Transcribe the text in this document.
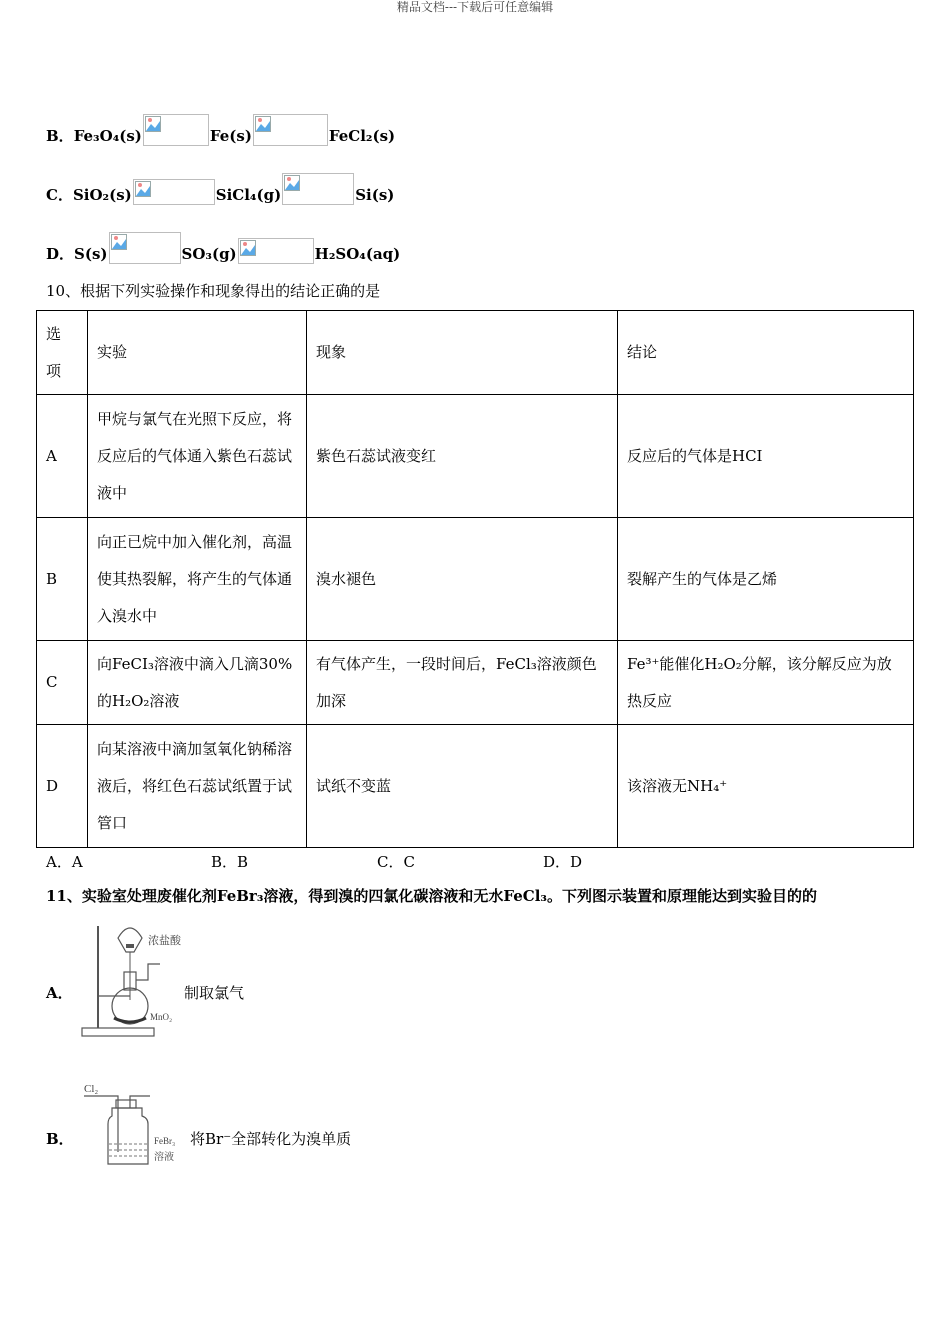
精品文档---下载后可任意编辑
B．Fe₃O₄(s)	Fe(s)	FeCl₂(s)
C．SiO₂(s)	SiCl₄(g)	Si(s)
D．S(s)	SO₃(g)	H₂SO₄(aq)
10、根据下列实验操作和现象得出的结论正确的是
选
项	实验	现象	结论
A	甲烷与氯气在光照下反应，将反应后的气体通入紫色石蕊试液中	紫色石蕊试液变红	反应后的气体是HCI
B	向正已烷中加入催化剂，高温使其热裂解，将产生的气体通入溴水中	溴水褪色	裂解产生的气体是乙烯
C	向FeCI₃溶液中滴入几滴30%的H₂O₂溶液	有气体产生，一段时间后，FeCl₃溶液颜色加深	Fe³⁺能催化H₂O₂分解，该分解反应为放热反应
D	向某溶液中滴加氢氧化钠稀溶液后，将红色石蕊试纸置于试管口	试纸不变蓝	该溶液无NH₄⁺
A．A	B．B	C．C	D．D
11、实验室处理废催化剂FeBr₃溶液，得到溴的四氯化碳溶液和无水FeCl₃。下列图示装置和原理能达到实验目的的
A．
浓盐酸
MnO₂
制取氯气
B．
Cl₂
FeBr₃
溶液
将Br⁻全部转化为溴单质
